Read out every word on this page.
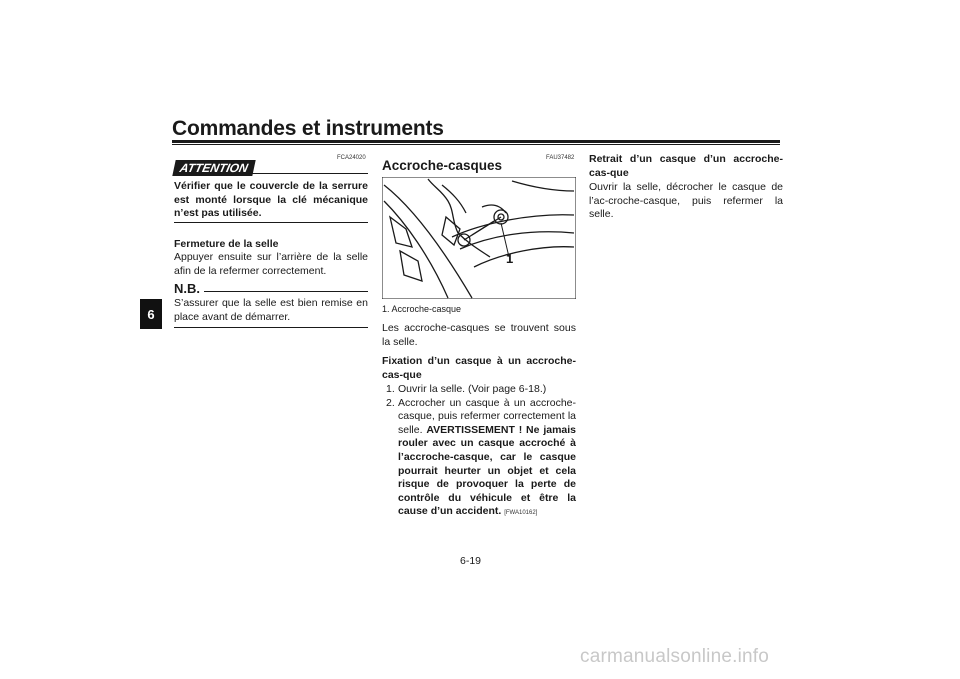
Commandes et instruments
6
FCA24020
ATTENTION
Vérifier que le couvercle de la serrure est monté lorsque la clé mécanique n’est pas utilisée.
Fermeture de la selle
Appuyer ensuite sur l’arrière de la selle afin de la refermer correctement.
N.B.
S’assurer que la selle est bien remise en place avant de démarrer.
FAU37482
Accroche-casques
1
1. Accroche-casque
Les accroche-casques se trouvent sous la selle.
Fixation d’un casque à un accroche-cas-que
1. Ouvrir la selle. (Voir page 6-18.)
2. Accrocher un casque à un accroche-casque, puis refermer correctement la selle. AVERTISSEMENT ! Ne jamais rouler avec un casque accroché à l’accroche-casque, car le casque pourrait heurter un objet et cela risque de provoquer la perte de contrôle du véhicule et être la cause d’un accident. [FWA10162]
Retrait d’un casque d’un accroche-cas-que
Ouvrir la selle, décrocher le casque de l’ac-croche-casque, puis refermer la selle.
6-19
carmanualsonline.info
